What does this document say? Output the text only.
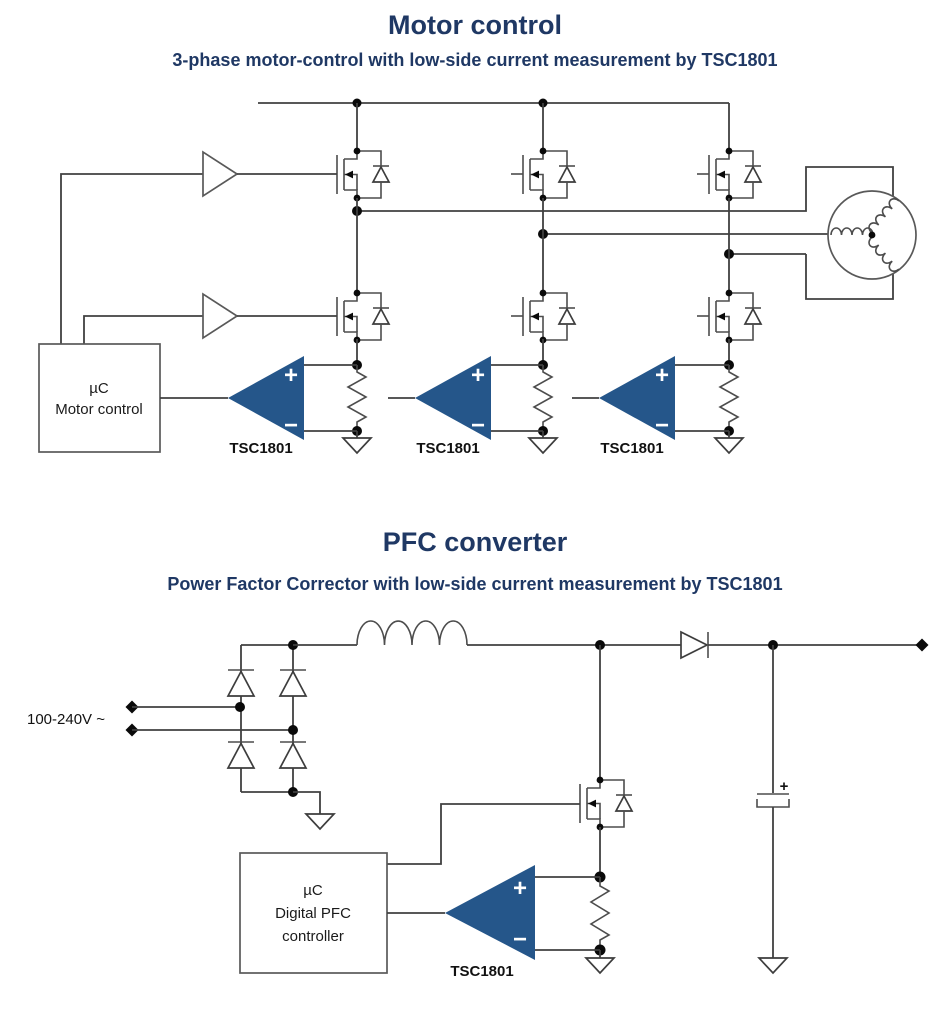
Motor control
3-phase motor-control with low-side current measurement by TSC1801
µC
Motor control
+
−
TSC1801
+
−
TSC1801
+
−
TSC1801
PFC converter
Power Factor Corrector with low-side current measurement by TSC1801
100-240V ~
+
µC
Digital PFC
controller
+
−
TSC1801
